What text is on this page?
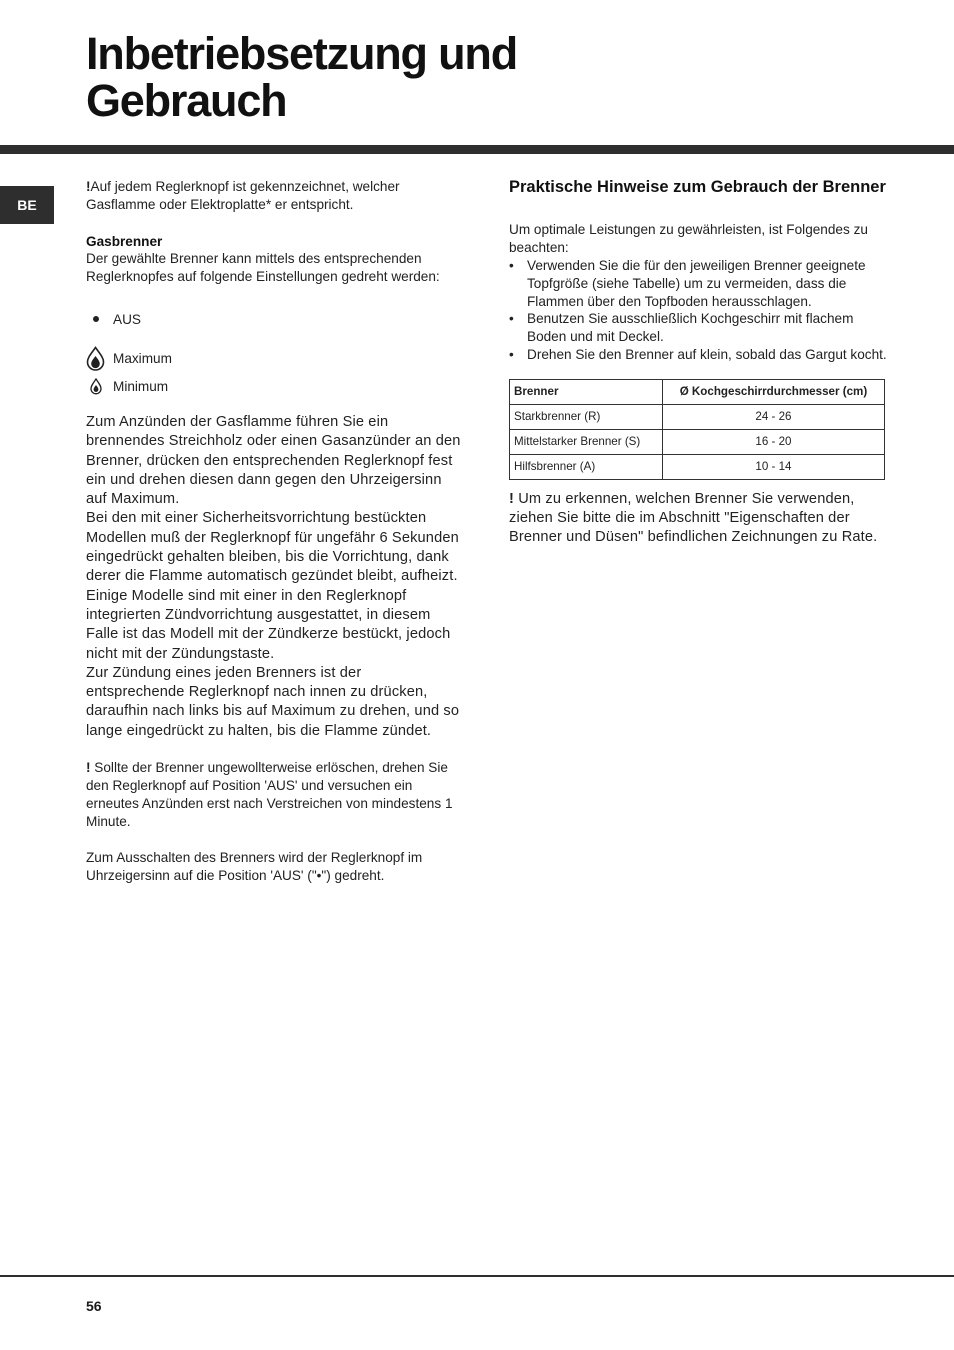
Inbetriebsetzung und
Gebrauch
BE

!Auf jedem Reglerknopf ist gekennzeichnet, welcher Gasflamme oder Elektroplatte* er entspricht.

Gasbrenner

Der gewählte Brenner kann mittels des entsprechenden Reglerknopfes auf folgende Einstellungen gedreht werden:

AUS
Maximum
Minimum

Zum Anzünden der Gasflamme führen Sie ein brennendes Streichholz oder einen Gasanzünder an den Brenner, drücken den entsprechenden Reglerknopf fest ein und drehen diesen dann gegen den Uhrzeigersinn auf Maximum.

Bei den mit einer Sicherheitsvorrichtung bestückten Modellen muß der Reglerknopf für ungefähr 6 Sekunden eingedrückt gehalten bleiben, bis die Vorrichtung, dank derer die Flamme automatisch gezündet bleibt, aufheizt.

Einige Modelle sind mit einer in den Reglerknopf integrierten Zündvorrichtung ausgestattet, in diesem Falle ist das Modell mit der Zündkerze bestückt, jedoch nicht mit der Zündungstaste.

Zur Zündung eines jeden Brenners ist der entsprechende Reglerknopf nach innen zu drücken, daraufhin nach links bis auf Maximum zu drehen, und so lange eingedrückt zu halten, bis die Flamme zündet.

! Sollte der Brenner ungewollterweise erlöschen, drehen Sie den Reglerknopf auf Position 'AUS' und versuchen ein erneutes Anzünden erst nach Verstreichen von mindestens 1 Minute.

Zum Ausschalten des Brenners wird der Reglerknopf im Uhrzeigersinn auf die Position 'AUS' ("•") gedreht.

Praktische Hinweise zum Gebrauch der Brenner

Um optimale Leistungen zu gewährleisten, ist Folgendes zu beachten:

• Verwenden Sie die für den jeweiligen Brenner geeignete Topfgröße (siehe Tabelle) um zu vermeiden, dass die Flammen über den Topfboden herausschlagen.
• Benutzen Sie ausschließlich Kochgeschirr mit flachem Boden und mit Deckel.
• Drehen Sie den Brenner auf klein, sobald das Gargut kocht.
Brenner	Ø Kochgeschirrdurchmesser (cm)
Starkbrenner (R)	24 - 26
Mittelstarker Brenner (S)	16 - 20
Hilfsbrenner (A)	10 - 14

! Um zu erkennen, welchen Brenner Sie verwenden, ziehen Sie bitte die im Abschnitt "Eigenschaften der Brenner und Düsen" befindlichen Zeichnungen zu Rate.

56
